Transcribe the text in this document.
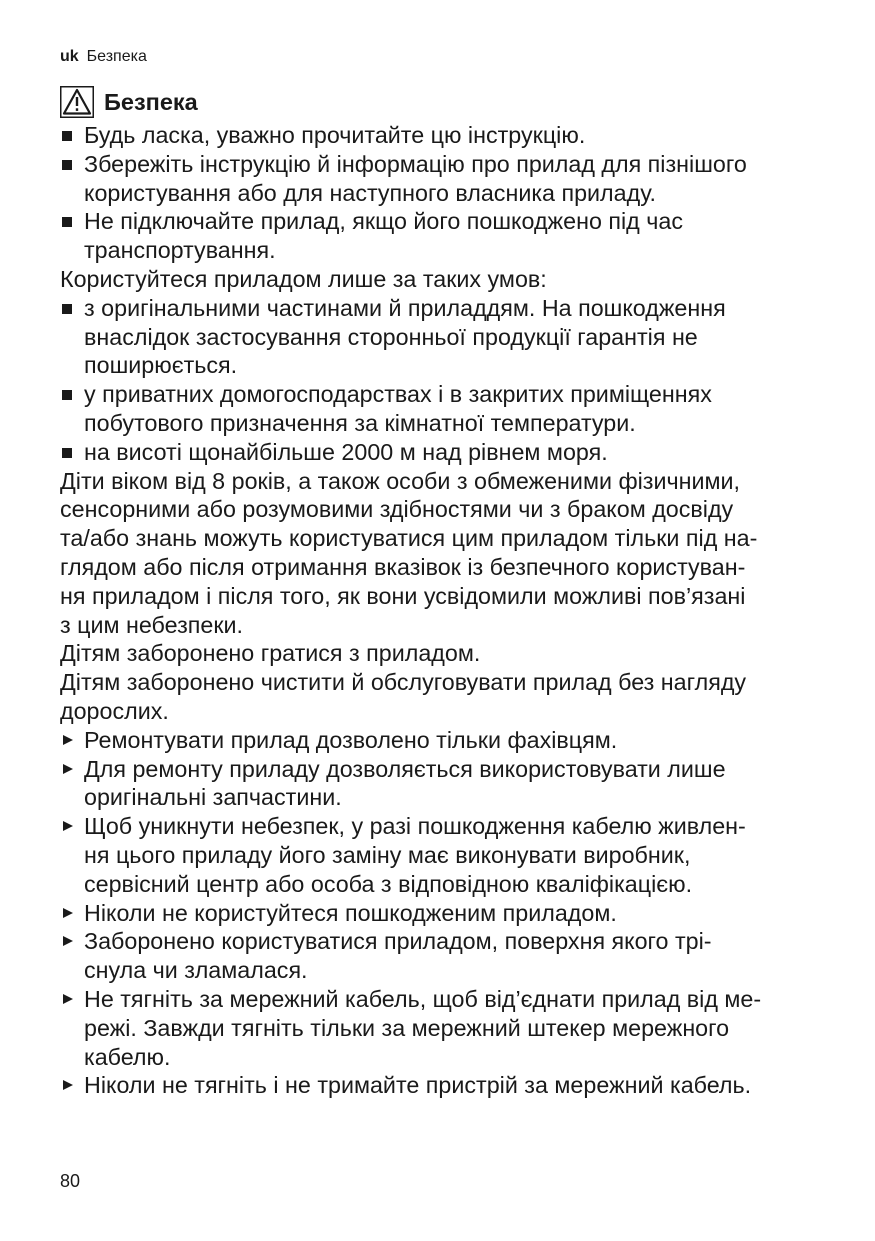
uk Безпека
Безпека
Будь ласка, уважно прочитайте цю інструкцію.
Збережіть інструкцію й інформацію про прилад для пізнішого
користування або для наступного власника приладу.
Не підключайте прилад, якщо його пошкоджено під час
транспортування.
Користуйтеся приладом лише за таких умов:
з оригінальними частинами й приладдям. На пошкодження
внаслідок застосування сторонньої продукції гарантія не
поширюється.
у приватних домогосподарствах і в закритих приміщеннях
побутового призначення за кімнатної температури.
на висоті щонайбільше 2000 м над рівнем моря.
Діти віком від 8 років, а також особи з обмеженими фізичними,
сенсорними або розумовими здібностями чи з браком досвіду
та/або знань можуть користуватися цим приладом тільки під на-
глядом або після отримання вказівок із безпечного користуван-
ня приладом і після того, як вони усвідомили можливі пов’язані
з цим небезпеки.
Дітям заборонено гратися з приладом.
Дітям заборонено чистити й обслуговувати прилад без нагляду
дорослих.
Ремонтувати прилад дозволено тільки фахівцям.
Для ремонту приладу дозволяється використовувати лише
оригінальні запчастини.
Щоб уникнути небезпек, у разі пошкодження кабелю живлен-
ня цього приладу його заміну має виконувати виробник,
сервісний центр або особа з відповідною кваліфікацією.
Ніколи не користуйтеся пошкодженим приладом.
Заборонено користуватися приладом, поверхня якого трі-
снула чи зламалася.
Не тягніть за мережний кабель, щоб від’єднати прилад від ме-
режі. Завжди тягніть тільки за мережний штекер мережного
кабелю.
Ніколи не тягніть і не тримайте пристрій за мережний кабель.
80
